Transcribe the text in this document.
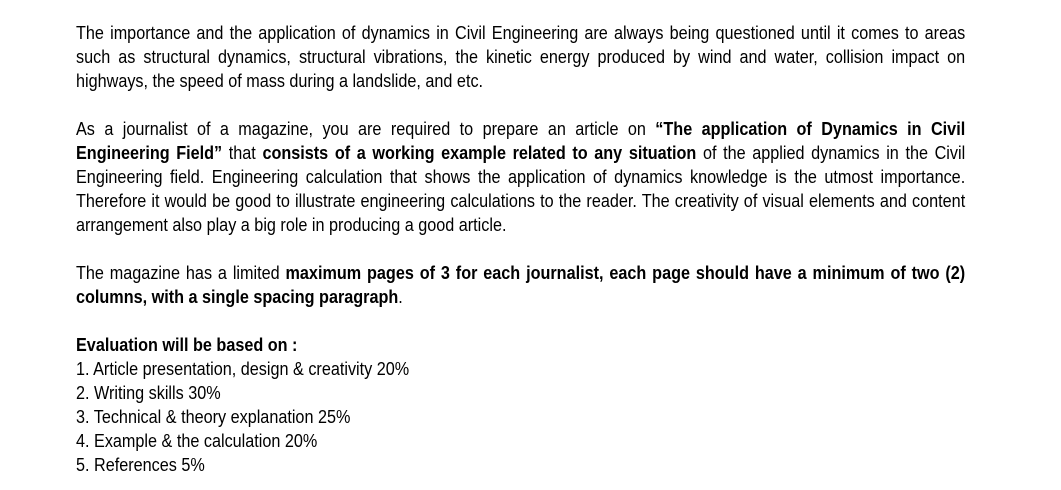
The importance and the application of dynamics in Civil Engineering are always being questioned until it comes to areas such as structural dynamics, structural vibrations, the kinetic energy produced by wind and water, collision impact on highways, the speed of mass during a landslide, and etc.

As a journalist of a magazine, you are required to prepare an article on “The application of Dynamics in Civil Engineering Field” that consists of a working example related to any situation of the applied dynamics in the Civil Engineering field. Engineering calculation that shows the application of dynamics knowledge is the utmost importance. Therefore it would be good to illustrate engineering calculations to the reader. The creativity of visual elements and content arrangement also play a big role in producing a good article.

The magazine has a limited maximum pages of 3 for each journalist, each page should have a minimum of two (2) columns, with a single spacing paragraph.

Evaluation will be based on :
1. Article presentation, design & creativity 20%
2. Writing skills 30%
3. Technical & theory explanation 25%
4. Example & the calculation 20%
5. References 5%
